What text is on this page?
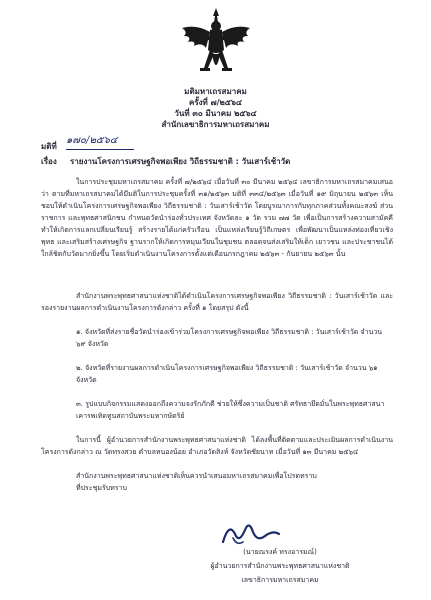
มติมหาเถรสมาคม
ครั้งที่ ๗/๒๕๖๔
วันที่ ๓๐ มีนาคม ๒๕๖๔
สำนักเลขาธิการมหาเถรสมาคม
มติที่
๑๗๐/๒๕๖๔
เรื่อง รายงานโครงการเศรษฐกิจพอเพียง วิถีธรรมชาติ : วันเสาร์เช้าวัด
ในการประชุมมหาเถรสมาคม ครั้งที่ ๗/๒๕๖๔ เมื่อวันที่ ๓๐ มีนาคม ๒๕๖๔ เลขาธิการมหาเถรสมาคมเสนอว่า ตามที่มหาเถรสมาคมได้มีมติในการประชุมครั้งที่ ๓๑/๒๕๖๓ มติที่ ๓๓๔/๒๕๖๓ เมื่อวันที่ ๑๙ มิถุนายน ๒๕๖๓ เห็นชอบให้ดำเนินโครงการเศรษฐกิจพอเพียง วิถีธรรมชาติ : วันเสาร์เช้าวัด โดยบูรณาการกับทุกภาคส่วนทั้งคณะสงฆ์ ส่วนราชการ และพุทธศาสนิกชน กำหนดวัดนำร่องทั่วประเทศ จังหวัดละ ๑ วัด รวม ๗๗ วัด เพื่อเป็นการสร้างความสามัคคี ทำให้เกิดการแลกเปลี่ยนเรียนรู้ สร้างรายได้แก่ครัวเรือน เป็นแหล่งเรียนรู้วิถีเกษตร เพื่อพัฒนาเป็นแหล่งท่องเที่ยวเชิงพุทธ และเสริมสร้างเศรษฐกิจ ฐานรากให้เกิดการหมุนเวียนในชุมชน ตลอดจนส่งเสริมให้เด็ก เยาวชน และประชาชนได้ใกล้ชิดกับวัดมากยิ่งขึ้น โดยเริ่มดำเนินงานโครงการตั้งแต่เดือนกรกฎาคม ๒๕๖๓ - กันยายน ๒๕๖๓ นั้น
สำนักงานพระพุทธศาสนาแห่งชาติได้ดำเนินโครงการเศรษฐกิจพอเพียง วิถีธรรมชาติ : วันเสาร์เช้าวัด และรองรายงานผลการดำเนินงานโครงการดังกล่าว ครั้งที่ ๑ โดยสรุป ดังนี้
๑. จังหวัดที่ส่งรายชื่อวัดนำร่องเข้าร่วมโครงการเศรษฐกิจพอเพียง วิถีธรรมชาติ : วันเสาร์เช้าวัด จำนวน ๖๙ จังหวัด
๒. จังหวัดที่รายงานผลการดำเนินโครงการเศรษฐกิจพอเพียง วิถีธรรมชาติ : วันเสาร์เช้าวัด จำนวน ๖๑ จังหวัด
๓. รูปแบบกิจกรรมแสดงออกถึงความจงรักภักดี ช่วยให้ซึ่งความเป็นชาติ ศรัทธายึดมั่นในพระพุทธศาสนา เคารพเทิดทูนสถาบันพระมหากษัตริย์
ในการนี้ ผู้อำนวยการสำนักงานพระพุทธศาสนาแห่งชาติ ได้ลงพื้นที่ติดตามและประเมินผลการดำเนินงานโครงการดังกล่าว ณ วัดทรงสวย ตำบลหนองน้อย อำเภอวัดสิงห์ จังหวัดชัยนาท เมื่อวันที่ ๑๓ มีนาคม ๒๕๖๔
สำนักงานพระพุทธศาสนาแห่งชาติเห็นควรนำเสนอมหาเถรสมาคมเพื่อโปรดทราบ
ที่ประชุมรับทราบ
(นายณรงค์ ทรงอารมณ์)
ผู้อำนวยการสำนักงานพระพุทธศาสนาแห่งชาติ
เลขาธิการมหาเถรสมาคม
